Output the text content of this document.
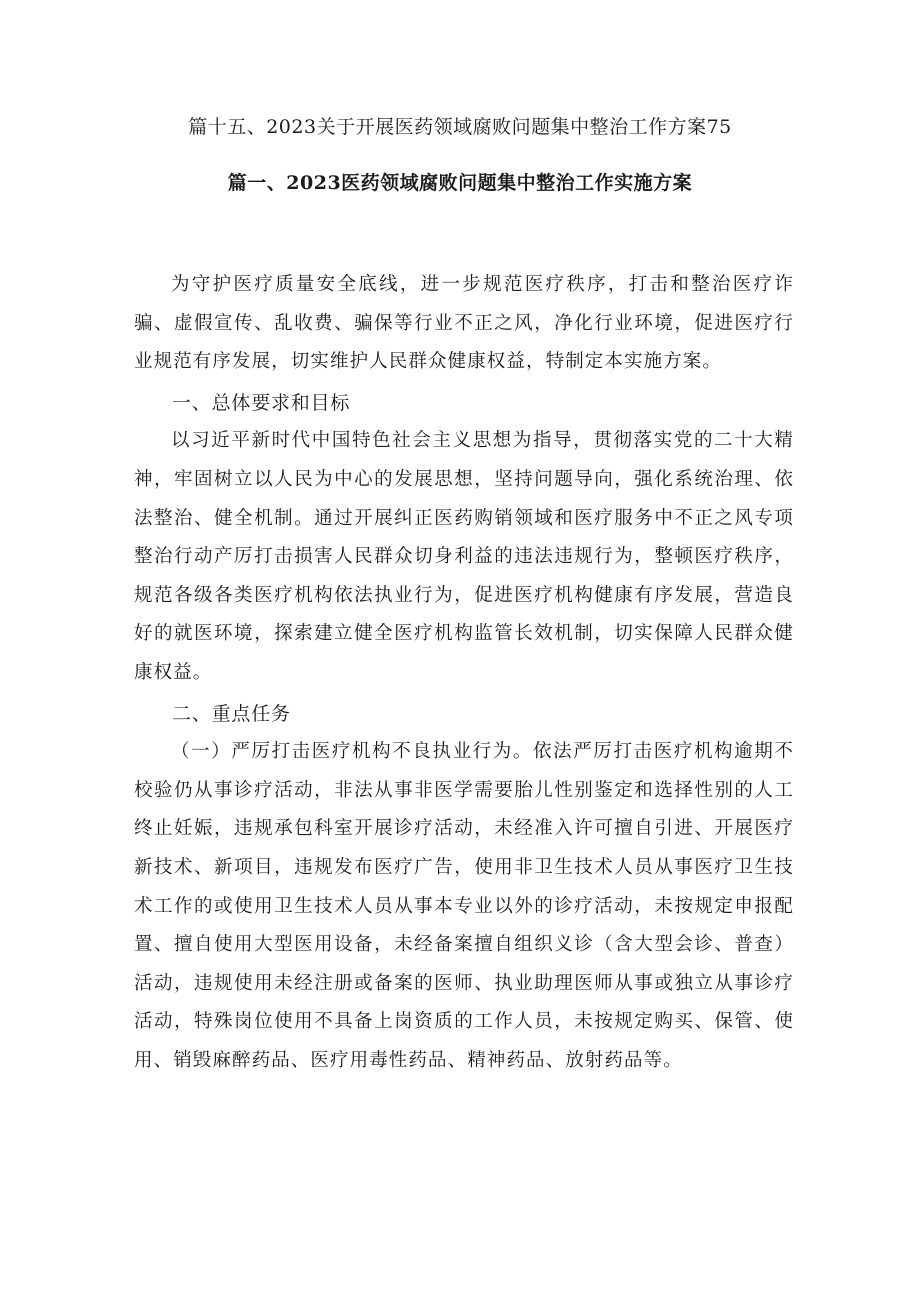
篇十五、2023关于开展医药领域腐败问题集中整治工作方案75
篇一、2023医药领域腐败问题集中整治工作实施方案

为守护医疗质量安全底线，进一步规范医疗秩序，打击和整治医疗诈骗、虚假宣传、乱收费、骗保等行业不正之风，净化行业环境，促进医疗行业规范有序发展，切实维护人民群众健康权益，特制定本实施方案。

一、总体要求和目标

以习近平新时代中国特色社会主义思想为指导，贯彻落实党的二十大精神，牢固树立以人民为中心的发展思想，坚持问题导向，强化系统治理、依法整治、健全机制。通过开展纠正医药购销领域和医疗服务中不正之风专项整治行动产厉打击损害人民群众切身利益的违法违规行为，整顿医疗秩序，规范各级各类医疗机构依法执业行为，促进医疗机构健康有序发展，营造良好的就医环境，探索建立健全医疗机构监管长效机制，切实保障人民群众健康权益。

二、重点任务

（一）严厉打击医疗机构不良执业行为。依法严厉打击医疗机构逾期不校验仍从事诊疗活动，非法从事非医学需要胎儿性别鉴定和选择性别的人工终止妊娠，违规承包科室开展诊疗活动，未经准入许可擅自引进、开展医疗新技术、新项目，违规发布医疗广告，使用非卫生技术人员从事医疗卫生技术工作的或使用卫生技术人员从事本专业以外的诊疗活动，未按规定申报配置、擅自使用大型医用设备，未经备案擅自组织义诊（含大型会诊、普查）活动，违规使用未经注册或备案的医师、执业助理医师从事或独立从事诊疗活动，特殊岗位使用不具备上岗资质的工作人员，未按规定购买、保管、使用、销毁麻醉药品、医疗用毒性药品、精神药品、放射药品等。
